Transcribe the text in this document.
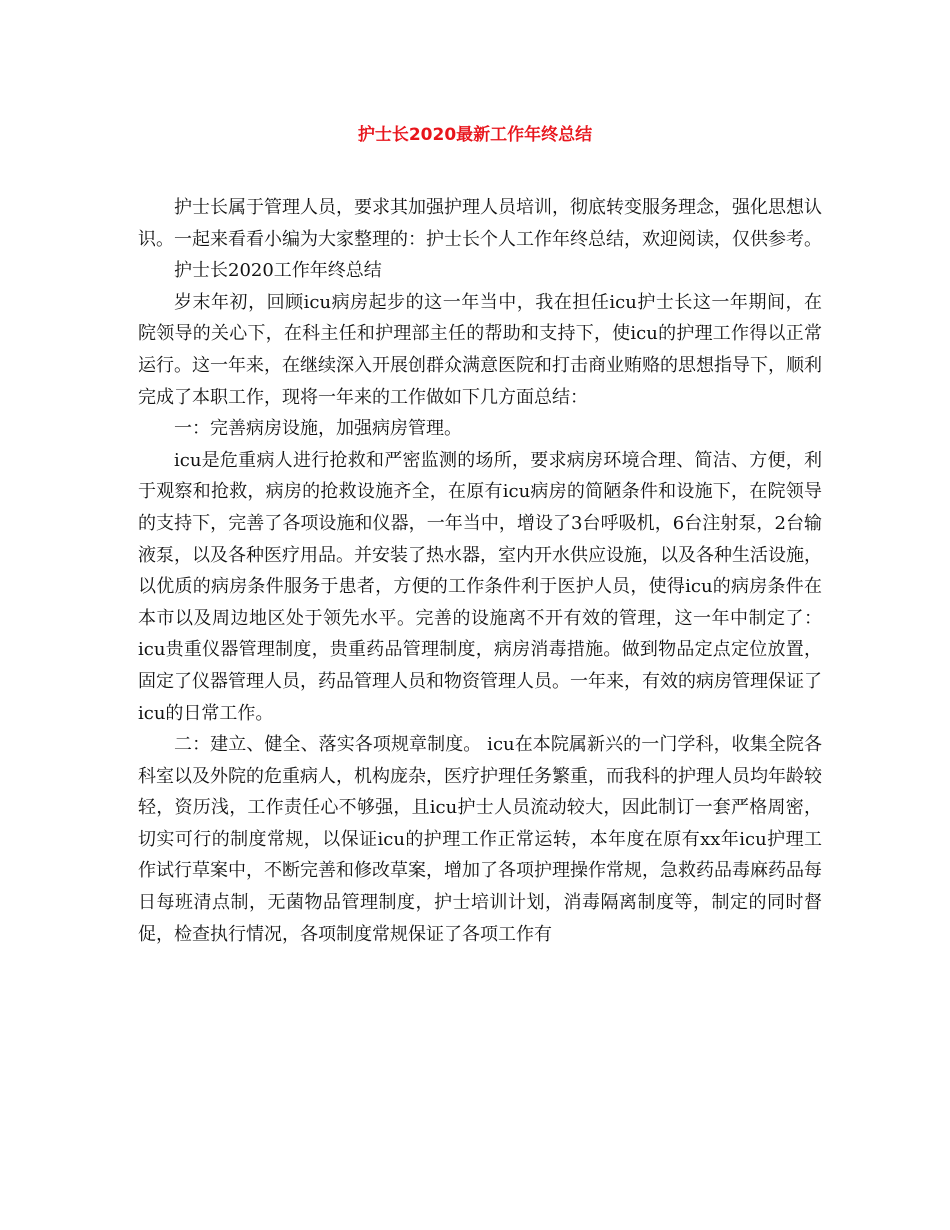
护士长2020最新工作年终总结

护士长属于管理人员，要求其加强护理人员培训，彻底转变服务理念，强化思想认识。一起来看看小编为大家整理的：护士长个人工作年终总结，欢迎阅读，仅供参考。

护士长2020工作年终总结

岁末年初，回顾icu病房起步的这一年当中，我在担任icu护士长这一年期间，在院领导的关心下，在科主任和护理部主任的帮助和支持下，使icu的护理工作得以正常运行。这一年来，在继续深入开展创群众满意医院和打击商业贿赂的思想指导下，顺利完成了本职工作，现将一年来的工作做如下几方面总结：

一：完善病房设施，加强病房管理。

icu是危重病人进行抢救和严密监测的场所，要求病房环境合理、简洁、方便，利于观察和抢救，病房的抢救设施齐全，在原有icu病房的简陋条件和设施下，在院领导的支持下，完善了各项设施和仪器，一年当中，增设了3台呼吸机，6台注射泵，2台输液泵，以及各种医疗用品。并安装了热水器，室内开水供应设施，以及各种生活设施，以优质的病房条件服务于患者，方便的工作条件利于医护人员，使得icu的病房条件在本市以及周边地区处于领先水平。完善的设施离不开有效的管理，这一年中制定了：icu贵重仪器管理制度，贵重药品管理制度，病房消毒措施。做到物品定点定位放置，固定了仪器管理人员，药品管理人员和物资管理人员。一年来，有效的病房管理保证了icu的日常工作。

二：建立、健全、落实各项规章制度。 icu在本院属新兴的一门学科，收集全院各科室以及外院的危重病人，机构庞杂，医疗护理任务繁重，而我科的护理人员均年龄较轻，资历浅，工作责任心不够强，且icu护士人员流动较大，因此制订一套严格周密，切实可行的制度常规，以保证icu的护理工作正常运转，本年度在原有xx年icu护理工作试行草案中，不断完善和修改草案，增加了各项护理操作常规，急救药品毒麻药品每日每班清点制，无菌物品管理制度，护士培训计划，消毒隔离制度等，制定的同时督促，检查执行情况，各项制度常规保证了各项工作有
